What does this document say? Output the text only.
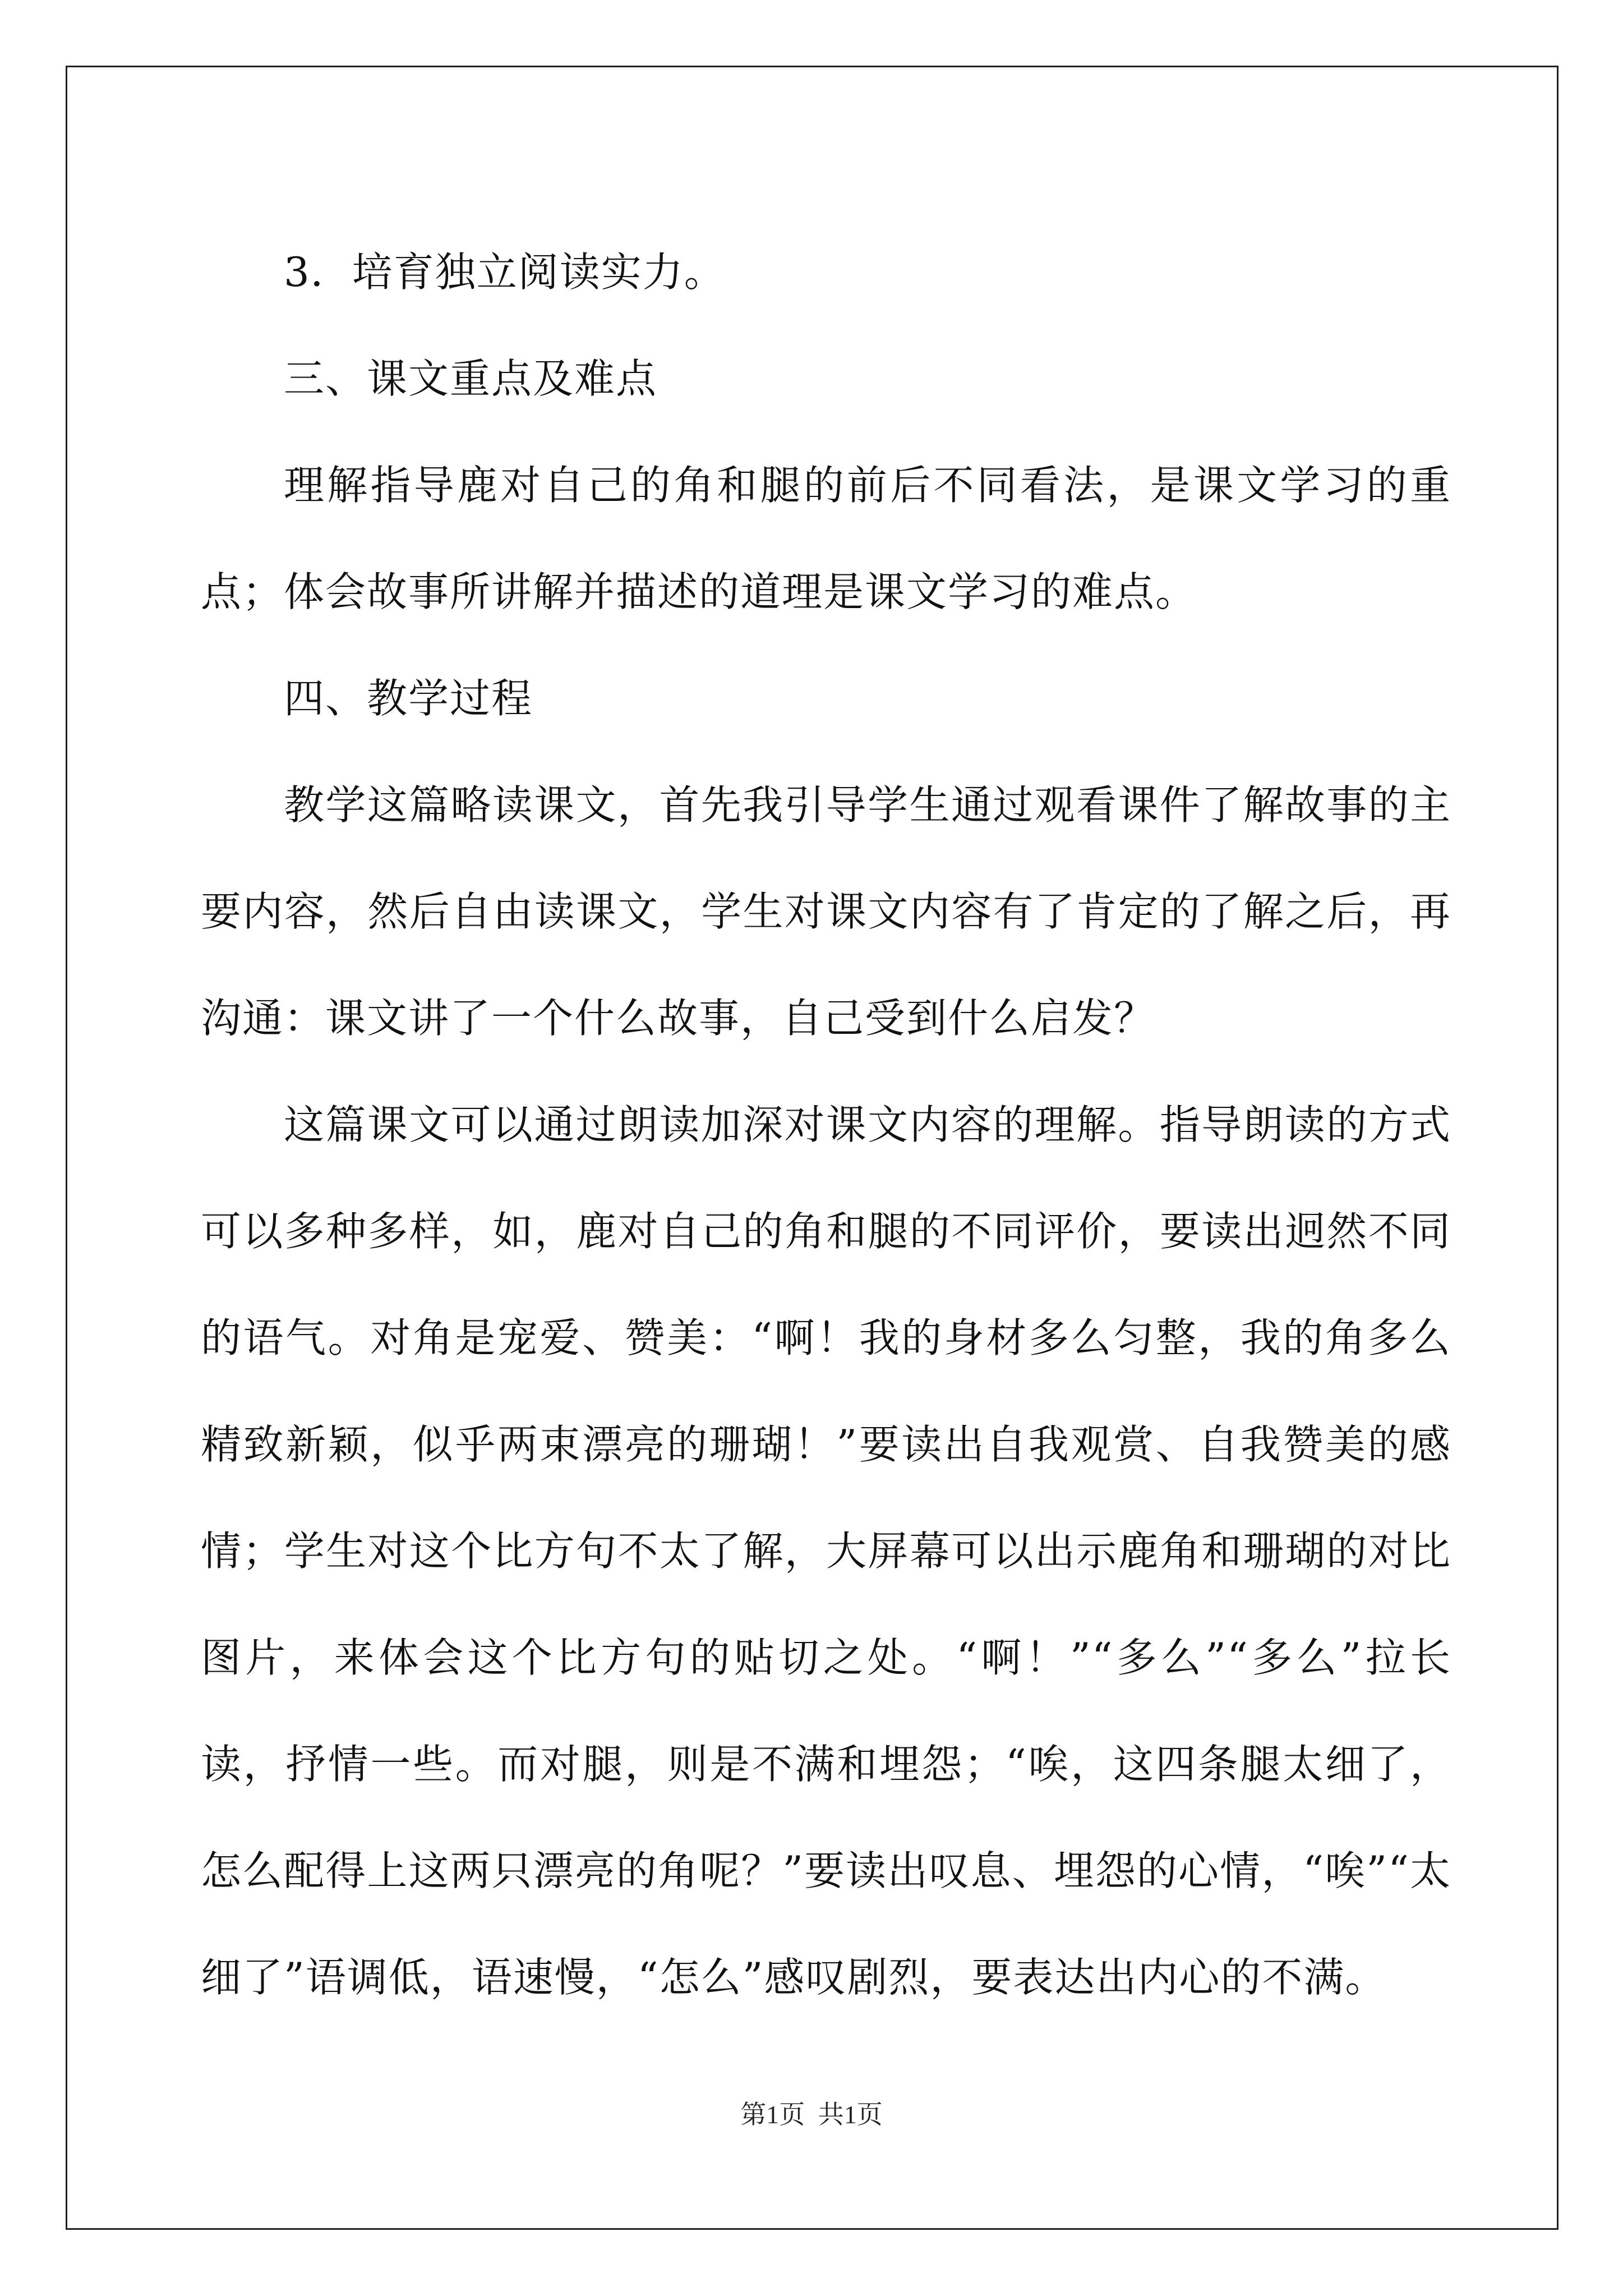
3．培育独立阅读实力。

三、课文重点及难点

理解指导鹿对自己的角和腿的前后不同看法，是课文学习的重点；体会故事所讲解并描述的道理是课文学习的难点。

四、教学过程

教学这篇略读课文，首先我引导学生通过观看课件了解故事的主要内容，然后自由读课文，学生对课文内容有了肯定的了解之后，再沟通：课文讲了一个什么故事，自己受到什么启发？

这篇课文可以通过朗读加深对课文内容的理解。指导朗读的方式可以多种多样，如，鹿对自己的角和腿的不同评价，要读出迥然不同的语气。对角是宠爱、赞美：“啊！我的身材多么匀整，我的角多么精致新颖，似乎两束漂亮的珊瑚！”要读出自我观赏、自我赞美的感情；学生对这个比方句不太了解，大屏幕可以出示鹿角和珊瑚的对比图片，来体会这个比方句的贴切之处。“啊！”“多么”“多么”拉长读，抒情一些。而对腿，则是不满和埋怨；“唉，这四条腿太细了，怎么配得上这两只漂亮的角呢？”要读出叹息、埋怨的心情，“唉”“太细了”语调低，语速慢，“怎么”感叹剧烈，要表达出内心的不满。

第1页 共1页
